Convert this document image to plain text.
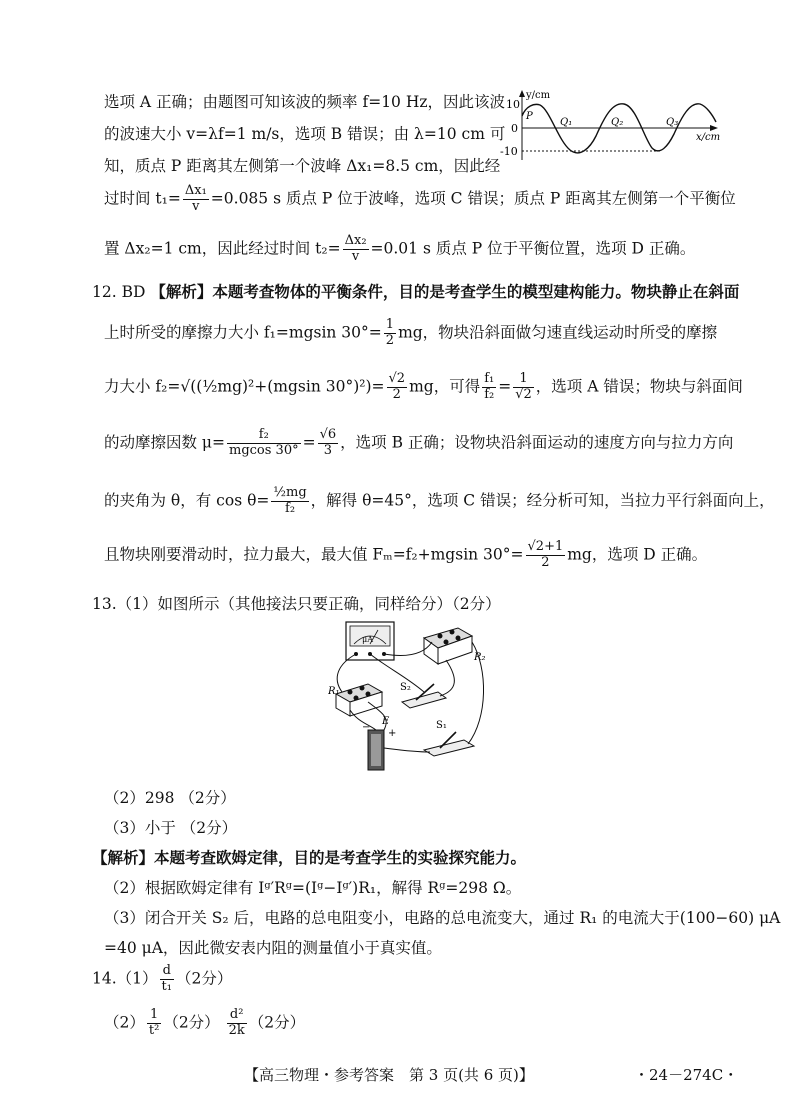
选项 A 正确；由题图可知该波的频率 f=10 Hz，因此该波
的波速大小 v=λf=1 m/s，选项 B 错误；由 λ=10 cm 可
知，质点 P 距离其左侧第一个波峰 Δx₁=8.5 cm，因此经
过时间 $t_1= \frac{\text{Δx₁}}{v} =0.085$ s 质点 P 位于波峰，选项 C 错误；质点 P 距离其左侧第一个平衡位
置 Δx₂=1 cm，因此经过时间 $t_2= \frac{\text{Δx₂}}{v} =0.01$ s 质点 P 位于平衡位置，选项 D 正确。
y/cm
x/cm
10
0
-10
P
Q₁	Q₂	Q₃
12. BD 【解析】本题考查物体的平衡条件，目的是考查学生的模型建构能力。物块静止在斜面
上时所受的摩擦力大小 f₁=mgsin $30^\circ= \frac{1}{2}$ mg，物块沿斜面做匀速直线运动时所受的摩擦
力大小 f₂=√((½mg)²+(mgsin $30^\circ)^2)= \frac{√2}{2}$ mg，可得 $\frac{\text{f₁}}{\text{f₂}} = \frac{1}{√2}$ ，选项 A 错误；物块与斜面间
的动摩擦因数 $\mu= \frac{\text{f₂}}{mgcos 30^\circ} = \frac{√6}{3}$ ，选项 B 正确；设物块沿斜面运动的速度方向与拉力方向
的夹角为 θ，有 $\cos \theta= \frac{\text{½mg}}{\text{f₂}}$ ，解得 θ=45°，选项 C 错误；经分析可知，当拉力平行斜面向上，
且物块刚要滑动时，拉力最大，最大值 Fₘ=f₂+mgsin $30^\circ= \frac{√2+1}{2}$ mg，选项 D 正确。
13.（1）如图所示（其他接法只要正确，同样给分）（2分）
μA
R₂
R₁	S₂
E
−
+
S₁
（2）298 （2分）
（3）小于 （2分）
【解析】本题考查欧姆定律，目的是考查学生的实验探究能力。
（2）根据欧姆定律有 Iᵍ′Rᵍ=(Iᵍ−Iᵍ′)R₁，解得 Rᵍ=298 Ω。
（3）闭合开关 S₂ 后，电路的总电阻变小，电路的总电流变大，通过 R₁ 的电流大于(100−60) μA
=40 μA，因此微安表内阻的测量值小于真实值。
$14.(1) \frac{d}{\text{t₁}} (2$分）
$(2) \frac{1}{\text{t²}} (2$分） $\frac{\text{d²}}{2k} (2$分）
【高三物理・参考答案　第 3 页(共 6 页)】	・24－274C・
